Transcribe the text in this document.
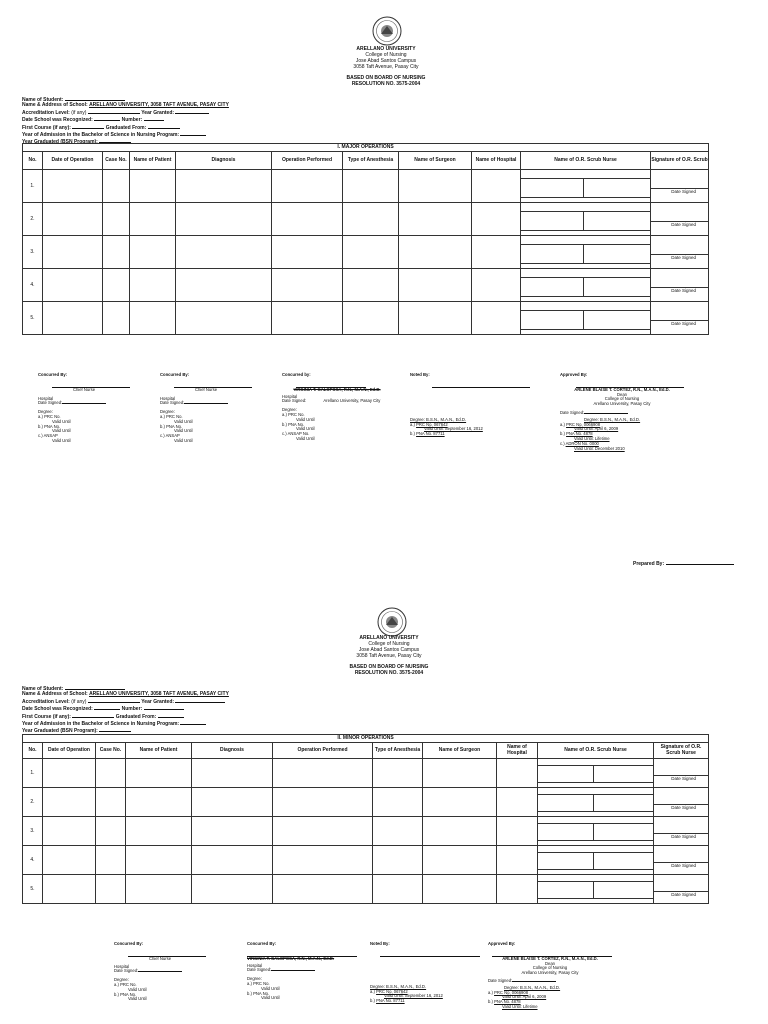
ARELLANO UNIVERSITY
College of Nursing
Jose Abad Santos Campus
3058 Taft Avenue, Pasay City
BASED ON BOARD OF NURSING
RESOLUTION NO. 3575-2004
Name of Student:
Name & Address of School: ARELLANO UNIVERSITY, 3058 TAFT AVENUE, PASAY CITY
Accreditation Level: (if any)	Year Granted:
Date School was Recognized:	Number:
First Course (if any):	Graduated From:
Year of Admission in the Bachelor of Science in Nursing Program:
Year Graduated (BSN Program):
I. MAJOR OPERATIONS										
No.	Date of Operation	Case No.	Name of Patient	Diagnosis	Operation Performed	Type of Anesthesia	Name of Surgeon	Name of Hospital	Name of O.R. Scrub Nurse	Signature of O.R. Scrub
1.										Date Signed

2.										Date Signed

3.										Date Signed

4.										Date Signed

5.										Date Signed
Concurred By:
Chief Nurse
Hospital
Date Signed:
Degree:
a.) PRC No.
Valid Until
b.) PNA No.
Valid Until
c.) ANSAP
Valid Until
Concurred By:
Chief Nurse
Hospital
Date Signed:
Degree:
a.) PRC No.
Valid Until
b.) PNA No.
Valid Until
c.) ANSAP
Valid Until
Concurred by:
VIRGINIA T. GALOPOSA, R.N., M.A.N., Ed.D.
Hospital
Date Signed:	Arellano University, Pasay City
Degree:
a.) PRC No.
Valid Until
b.) PNA No.
Valid Until
c.) ANSAP No.
Valid Until
Noted By:
Degree: B.S.N., M.A.N., Ed.D.
a.) PRC No. 067642
Valid Until: September 16, 2012
b.) PNA No. 87711
Approved By:
ARLENE BLAISE T. CORTEZ, R.N., M.A.N., Ed.D.
Dean
College of Nursing
Arellano University, Pasay City
Date Signed:
Degree: B.S.N., M.A.N., Ed.D.
a.) PRC No. 0066908
Valid Until: April 6, 2009
b.) PNA No. 4878
Valid Until: Lifetime
c.) ADRON No. 0000
Valid Until: December 2010
Prepared By:
ARELLANO UNIVERSITY
College of Nursing
Jose Abad Santos Campus
3058 Taft Avenue, Pasay City
BASED ON BOARD OF NURSING
RESOLUTION NO. 3575-2004
Name of Student:
Name & Address of School: ARELLANO UNIVERSITY, 3058 TAFT AVENUE, PASAY CITY
Accreditation Level: (if any)	Year Granted:
Date School was Recognized:	Number:
First Course (if any):	Graduated From:
Year of Admission in the Bachelor of Science in Nursing Program:
Year Graduated (BSN Program):
II. MINOR OPERATIONS										
No.	Date of Operation	Case No.	Name of Patient	Diagnosis	Operation Performed	Type of Anesthesia	Name of Surgeon	Name of Hospital	Name of O.R. Scrub Nurse	Signature of O.R. Scrub Nurse
1.										Date Signed

2.										Date Signed

3.										Date Signed

4.										Date Signed

5.										Date Signed
Concurred By:
Chief Nurse
Hospital
Date Signed:
Degree:
a.) PRC No.
Valid Until
b.) PNA No.
Valid Until
Concurred By:
VIRGINIA T. GALOPOSA, R.N., M.A.N., Ed.D.
Hospital
Date Signed:
Degree:
a.) PRC No.
Valid Until
b.) PNA No.
Valid Until
Noted By:
Degree: B.S.N., M.A.N., Ed.D.
a.) PRC No. 067642
Valid Until: September 16, 2012
b.) PNA No. 87711
Approved By:
ARLENE BLAISE T. CORTEZ, R.N., M.A.N., Ed.D.
Dean
College of Nursing
Arellano University, Pasay City
Date Signed:
Degree: B.S.N., M.A.N., Ed.D.
a.) PRC No. 0066908
Valid Until: April 6, 2009
b.) PNA No. 4878
Valid Until: Lifetime
